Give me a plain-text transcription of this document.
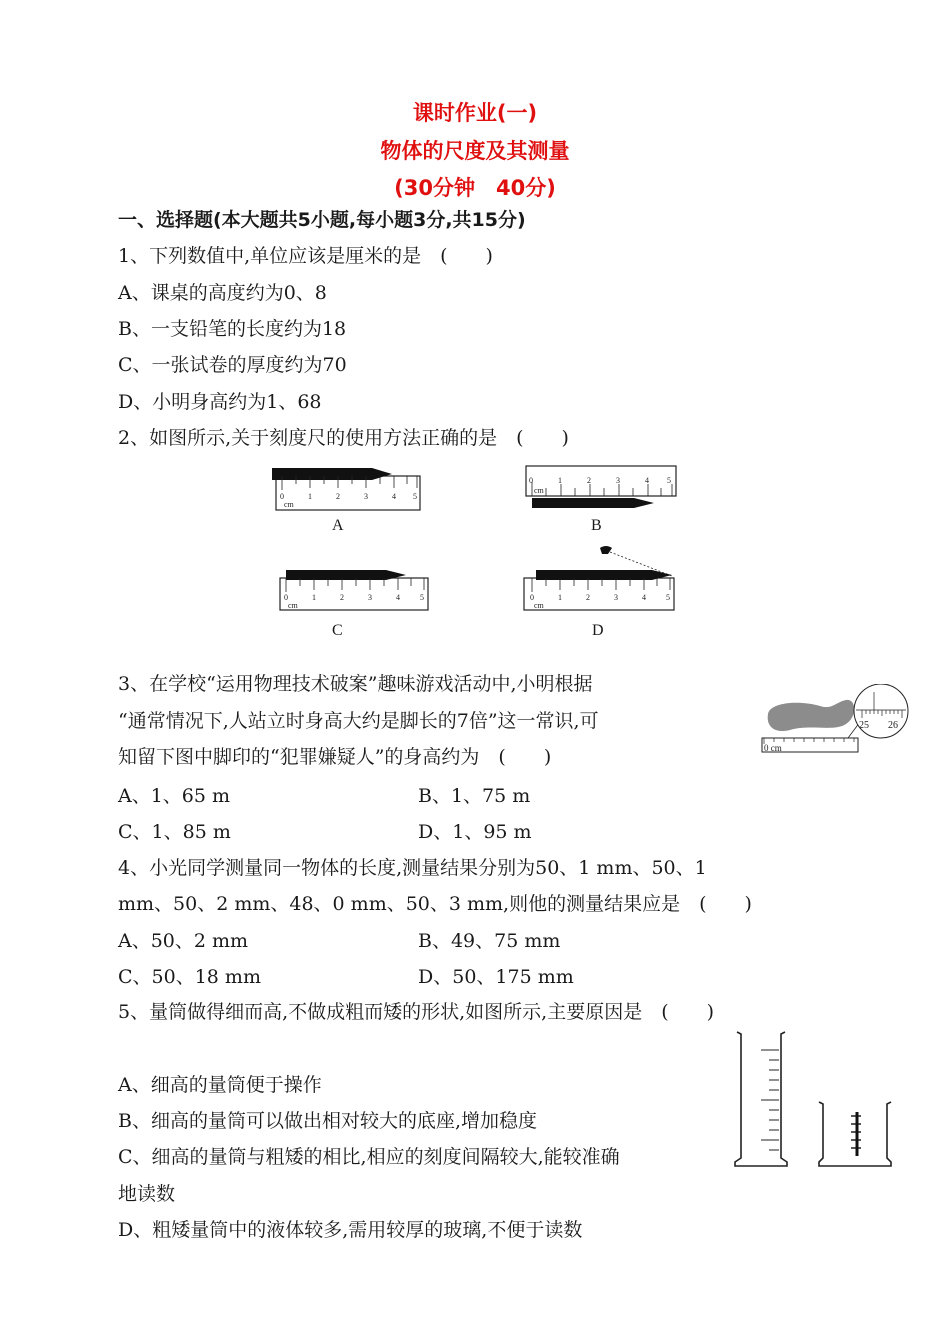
课时作业(一)
物体的尺度及其测量
(30分钟　40分)
一、选择题(本大题共5小题,每小题3分,共15分)
1、下列数值中,单位应该是厘米的是　(　　)
A、课桌的高度约为0、8
B、一支铅笔的长度约为18
C、一张试卷的厚度约为70
D、小明身高约为1、68
2、如图所示,关于刻度尺的使用方法正确的是　(　　)
0	1	2	3	4 5
cm
A
0	1	2	3	4 5
cm
B
0	1	2	3	4	5
cm
C
0	1	2	3	4	5
cm
D
3、在学校“运用物理技术破案”趣味游戏活动中,小明根据
“通常情况下,人站立时身高大约是脚长的7倍”这一常识,可
知留下图中脚印的“犯罪嫌疑人”的身高约为　(　　)
A、1、65 m	B、1、75 m
C、1、85 m	D、1、95 m
0 cm
25 26
4、小光同学测量同一物体的长度,测量结果分别为50、1 mm、50、1
mm、50、2 mm、48、0 mm、50、3 mm,则他的测量结果应是　(　　)
A、50、2 mm	B、49、75 mm
C、50、18 mm	D、50、175 mm
5、量筒做得细而高,不做成粗而矮的形状,如图所示,主要原因是　(　　)
A、细高的量筒便于操作
B、细高的量筒可以做出相对较大的底座,增加稳度
C、细高的量筒与粗矮的相比,相应的刻度间隔较大,能较准确
地读数
D、粗矮量筒中的液体较多,需用较厚的玻璃,不便于读数
